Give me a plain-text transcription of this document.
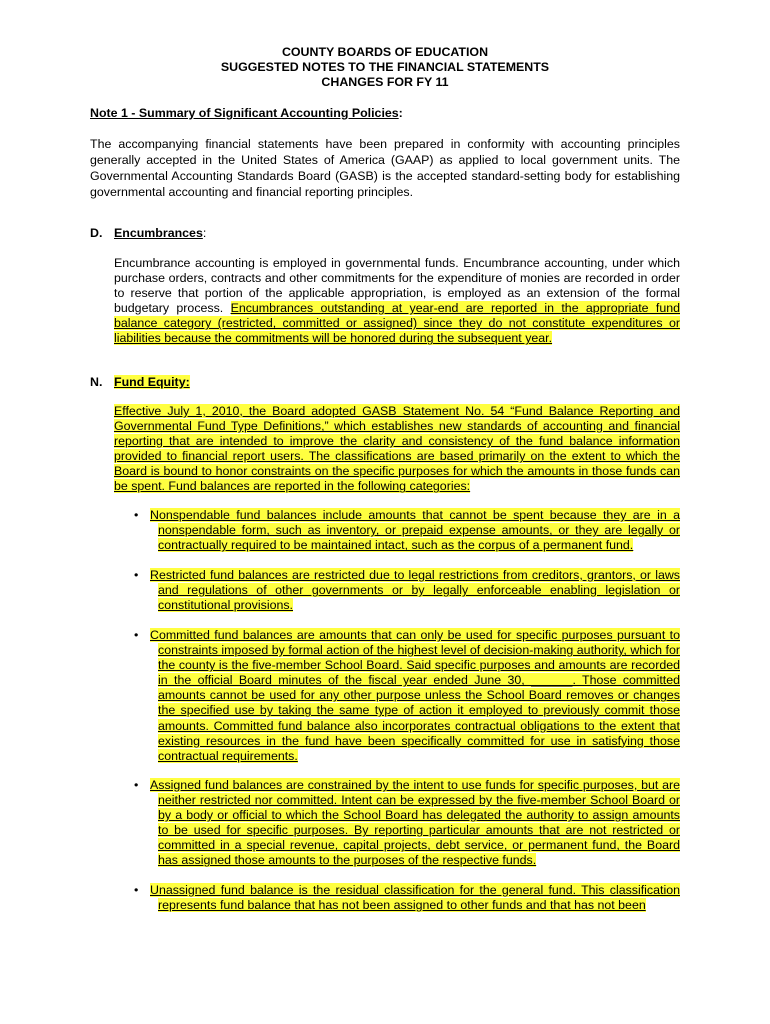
COUNTY BOARDS OF EDUCATION
SUGGESTED NOTES TO THE FINANCIAL STATEMENTS
CHANGES FOR FY 11
Note 1 - Summary of Significant Accounting Policies:
The accompanying financial statements have been prepared in conformity with accounting principles generally accepted in the United States of America (GAAP) as applied to local government units. The Governmental Accounting Standards Board (GASB) is the accepted standard-setting body for establishing governmental accounting and financial reporting principles.
D. Encumbrances:
Encumbrance accounting is employed in governmental funds. Encumbrance accounting, under which purchase orders, contracts and other commitments for the expenditure of monies are recorded in order to reserve that portion of the applicable appropriation, is employed as an extension of the formal budgetary process. Encumbrances outstanding at year-end are reported in the appropriate fund balance category (restricted, committed or assigned) since they do not constitute expenditures or liabilities because the commitments will be honored during the subsequent year.
N. Fund Equity:
Effective July 1, 2010, the Board adopted GASB Statement No. 54 “Fund Balance Reporting and Governmental Fund Type Definitions,” which establishes new standards of accounting and financial reporting that are intended to improve the clarity and consistency of the fund balance information provided to financial report users. The classifications are based primarily on the extent to which the Board is bound to honor constraints on the specific purposes for which the amounts in those funds can be spent. Fund balances are reported in the following categories:
• Nonspendable fund balances include amounts that cannot be spent because they are in a nonspendable form, such as inventory, or prepaid expense amounts, or they are legally or contractually required to be maintained intact, such as the corpus of a permanent fund.
• Restricted fund balances are restricted due to legal restrictions from creditors, grantors, or laws and regulations of other governments or by legally enforceable enabling legislation or constitutional provisions.
• Committed fund balances are amounts that can only be used for specific purposes pursuant to constraints imposed by formal action of the highest level of decision-making authority, which for the county is the five-member School Board. Said specific purposes and amounts are recorded in the official Board minutes of the fiscal year ended June 30, ______. Those committed amounts cannot be used for any other purpose unless the School Board removes or changes the specified use by taking the same type of action it employed to previously commit those amounts. Committed fund balance also incorporates contractual obligations to the extent that existing resources in the fund have been specifically committed for use in satisfying those contractual requirements.
• Assigned fund balances are constrained by the intent to use funds for specific purposes, but are neither restricted nor committed. Intent can be expressed by the five-member School Board or by a body or official to which the School Board has delegated the authority to assign amounts to be used for specific purposes. By reporting particular amounts that are not restricted or committed in a special revenue, capital projects, debt service, or permanent fund, the Board has assigned those amounts to the purposes of the respective funds.
• Unassigned fund balance is the residual classification for the general fund. This classification represents fund balance that has not been assigned to other funds and that has not been
